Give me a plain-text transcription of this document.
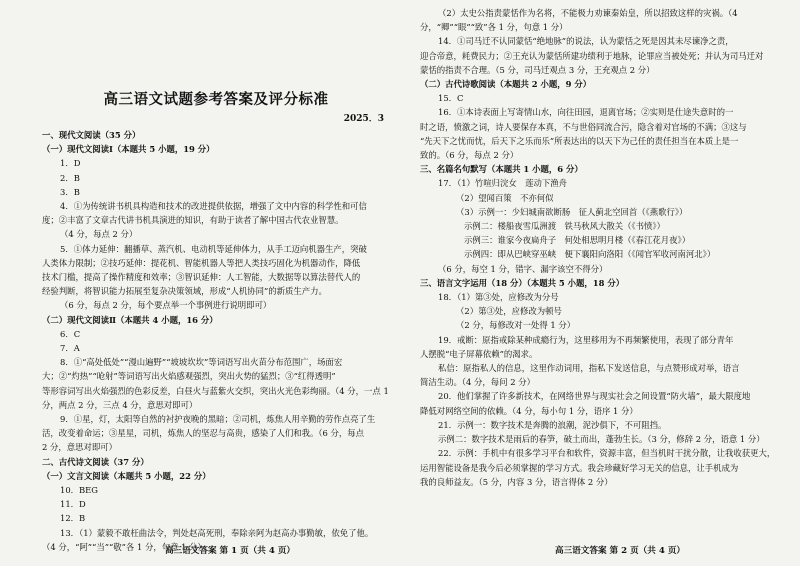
高三语文试题参考答案及评分标准
2025．3
一、现代文阅读（35 分）
（一）现代文阅读Ⅰ（本题共 5 小题，19 分）
1．D
2．B
3．B
4．①为传统讲书机具构造和技术的改进提供依据，增强了文中内容的科学性和可信
度；②丰富了文章古代讲书机具演进的知识，有助于读者了解中国古代农业智慧。
（4 分，每点 2 分）
5．①体力延伸：翻播草、蒸汽机、电动机等延伸体力，从手工迈向机器生产，突破
人类体力限制；②技巧延伸：提花机、智能机器人等把人类技巧固化为机器动作，降低
技术门槛，提高了操作精度和效率；③智识延伸：人工智能，大数据等以算法替代人的
经验判断，将智识能力拓展至复杂决策领域，形成“人机协同”的新质生产力。
（6 分，每点 2 分，每个要点举一个事例进行说明即可）
（二）现代文阅读Ⅱ（本题共 4 小题，16 分）
6．C
7．A
8．①“高处低处”“漫山遍野”“坡坡坎坎”等词语写出火苗分布范围广，场面宏
大；②“灼热”“呛射”等词语写出火焰感观强烈，突出火势的猛烈；③“红得透明”
等形容词写出火焰强烈的色彩反差，白昼火与蓝紫火交织，突出火光色彩绚丽。（4 分，一点 1
分，两点 2 分，三点 4 分，意思对即可）
9．①星，灯，太阳等自然的衬护夜晚的黑暗；②司机，炼焦人用辛勤的劳作点亮了生
活，改变着命运；③星星，司机，炼焦人的坚忍与高贵，感染了人们和我。（6 分，每点
2 分，意思对即可）
二、古代诗文阅读（37 分）
（一）文言文阅读（本题共 5 小题，22 分）
10．BEG
11．D
12．B
13．（1）蒙毅不敢枉曲法令，判处赵高死刑，奉除亲阿为赵高办事勤敏，依免了他。
（4 分，“阿”“当”“敬”各 1 分，句意 1 分）
高三语文答案 第 1 页（共 4 页）
（2）太史公指责蒙恬作为名将，不能极力劝谏秦始皇，所以招致这样的灾祸。（4
分，“卿”“眼”“致”各 1 分，句意 1 分）
14．①司马迁不认同蒙恬“绝地脉”的说法，认为蒙恬之死是因其未尽谏净之责，
迎合帝意，耗费民力；②王充认为蒙恬所建功绩利于地脉，论罪应当被处死；并认为司马迁对
蒙恬的指责不合理。（5 分，司马迁观点 3 分，王充观点 2 分）
（二）古代诗歌阅读（本题共 2 小题，9 分）
15．C
16．①本诗表面上写寄情山水，向往田园，退离官场；②实则是仕途失意时的一
时之语，愤激之词，诗人要保存本真，不与世俗同流合污，隐含着对官场的不满；③这与
“先天下之忧而忧，后天下之乐而乐”所表达出的以天下为己任的责任担当在本质上是一
致的。（6 分，每点 2 分）
三、名篇名句默写（本题共 1 小题，6 分）
17．（1）竹喧归浣女　莲动下渔舟
（2）望闻百策　不亦何似
（3）示例一：少妇城南欲断肠　征人蓟北空回首（《燕歌行》）
示例二：楼船夜雪瓜洲渡　铁马秋风大散关（《书愤》）
示例三：谁家今夜扁舟子　何处相思明月楼（《春江花月夜》）
示例四：即从巴峡穿巫峡　便下襄阳向洛阳（《闻官军收河南河北》）
（6 分，每空 1 分，错字、漏字该空不得分）
三、语言文字运用（18 分）（本题共 5 小题，18 分）
18．（1）第③处，应修改为分号
（2）第③处，应修改为顿号
（2 分，每修改对一处得 1 分）
19．戒断：原指戒除某种成瘾行为，这里移用为不再频繁使用，表现了部分青年
人摆脱“电子屏幕依赖”的渴求。
私信：原指私人的信息，这里作动词用，指私下发送信息，与点赞形成对举，语言
简洁生动。（4 分，每问 2 分）
20．他们掌握了许多新技术，在网络世界与现实社会之间设置“防火墙”，最大限度地
降低对网络空间的依赖。（4 分，每小句 1 分，语序 1 分）
21．示例一：数字技术是奔腾的浪潮，泥沙俱下，不可阻挡。
示例二：数字技术是雨后的春笋，破土而出，蓬勃生长。（3 分，修辞 2 分，语意 1 分）
22．示例：手机中有很多学习平台和软件，资源丰富，但当机时干扰分散，让我收获更大，
运用智能设备是我今后必须掌握的学习方式。我会珍藏好学习无关的信息，让手机成为
我的良师益友。（5 分，内容 3 分，语言得体 2 分）
高三语文答案 第 2 页（共 4 页）
